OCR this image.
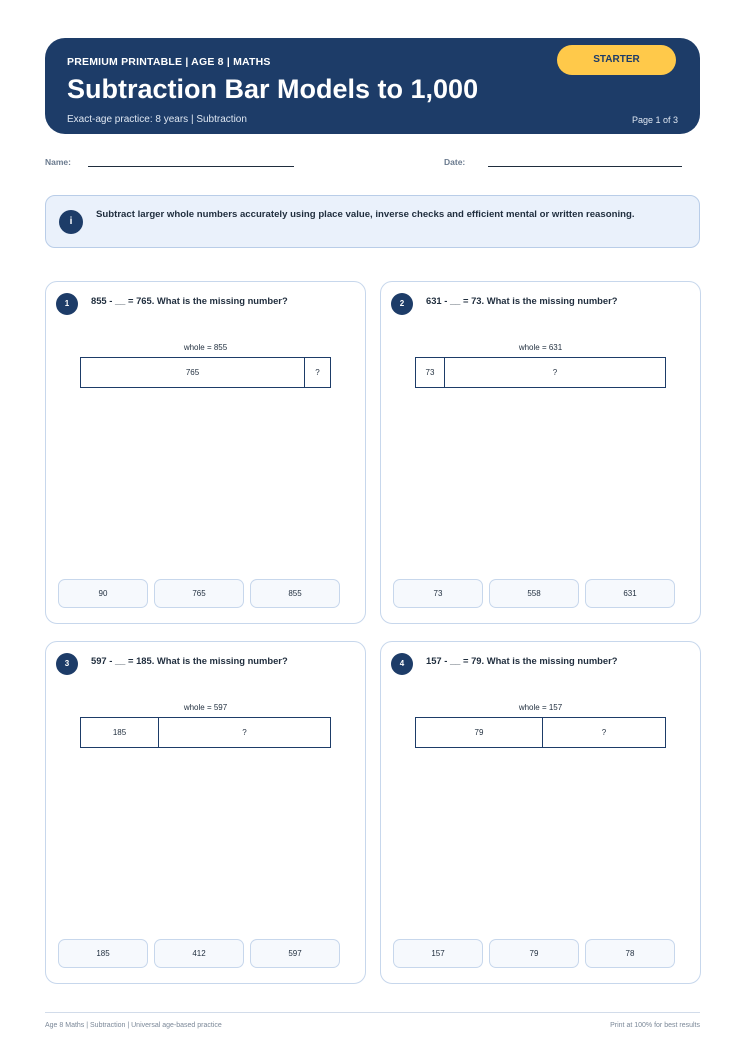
PREMIUM PRINTABLE | AGE 8 | MATHS
Subtraction Bar Models to 1,000
Exact-age practice: 8 years | Subtraction	Page 1 of 3
STARTER
Name:	Date:
i
Subtract larger whole numbers accurately using place value, inverse checks and efficient mental or written reasoning.
1	855 - __ = 765. What is the missing number?
whole = 855
765	?
90	765	855
2	631 - __ = 73. What is the missing number?
whole = 631
73	?
73	558	631
3	597 - __ = 185. What is the missing number?
whole = 597
185	?
185	412	597
4	157 - __ = 79. What is the missing number?
whole = 157
79	?
157	79	78
Age 8 Maths | Subtraction | Universal age-based practice	Print at 100% for best results
